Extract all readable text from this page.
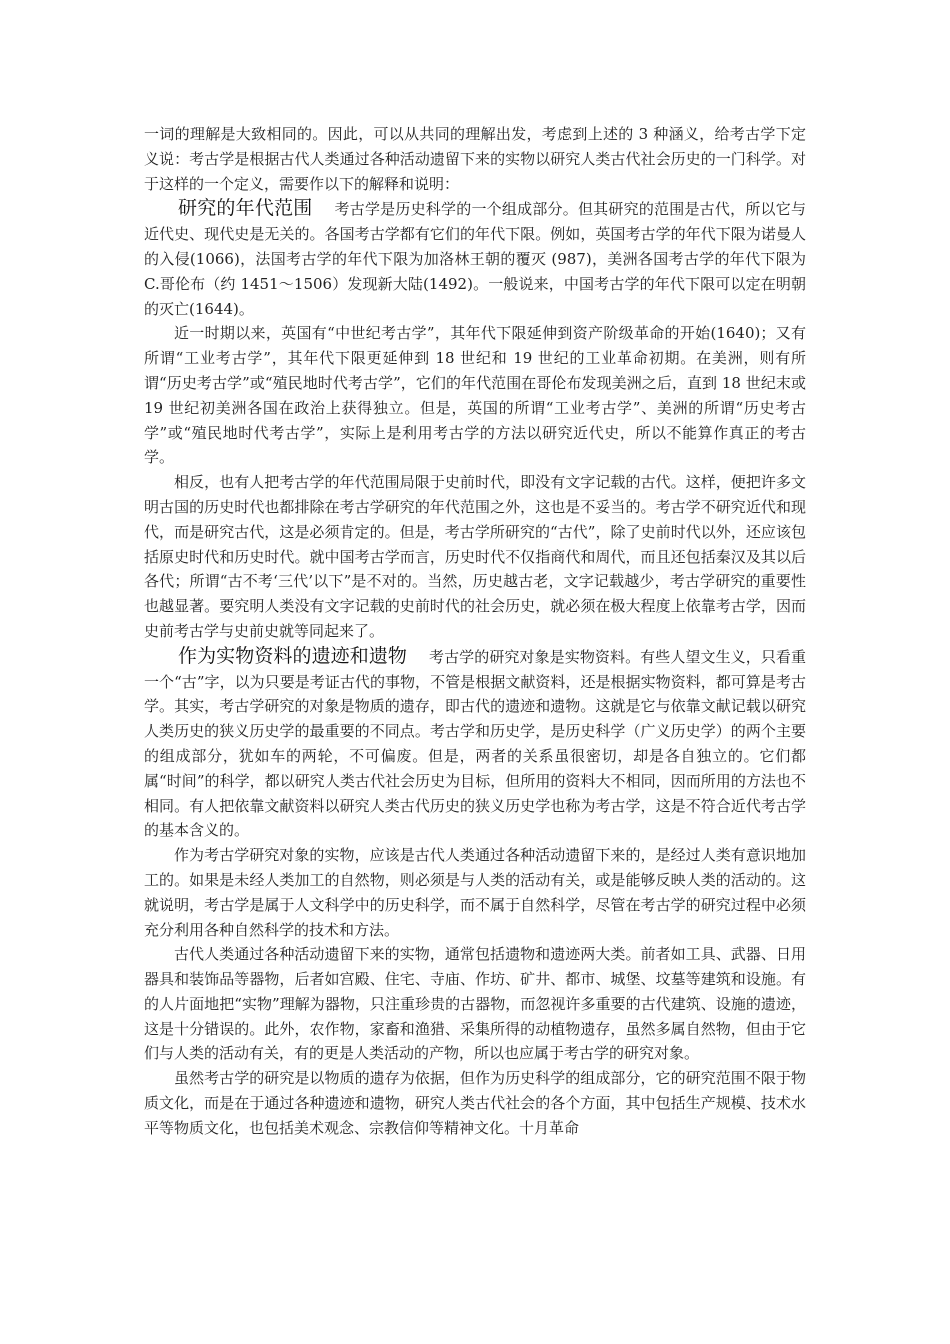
一词的理解是大致相同的。因此，可以从共同的理解出发，考虑到上述的 3 种涵义，给考古学下定义说：考古学是根据古代人类通过各种活动遗留下来的实物以研究人类古代社会历史的一门科学。对于这样的一个定义，需要作以下的解释和说明：

研究的年代范围 考古学是历史科学的一个组成部分。但其研究的范围是古代，所以它与近代史、现代史是无关的。各国考古学都有它们的年代下限。例如，英国考古学的年代下限为诺曼人的入侵(1066)，法国考古学的年代下限为加洛林王朝的覆灭 (987)，美洲各国考古学的年代下限为 C.哥伦布（约 1451～1506）发现新大陆(1492)。一般说来，中国考古学的年代下限可以定在明朝的灭亡(1644)。

近一时期以来，英国有“中世纪考古学”，其年代下限延伸到资产阶级革命的开始(1640)；又有所谓“工业考古学”，其年代下限更延伸到 18 世纪和 19 世纪的工业革命初期。在美洲，则有所谓“历史考古学”或“殖民地时代考古学”，它们的年代范围在哥伦布发现美洲之后，直到 18 世纪末或 19 世纪初美洲各国在政治上获得独立。但是，英国的所谓“工业考古学”、美洲的所谓“历史考古学”或“殖民地时代考古学”，实际上是利用考古学的方法以研究近代史，所以不能算作真正的考古学。

相反，也有人把考古学的年代范围局限于史前时代，即没有文字记载的古代。这样，便把许多文明古国的历史时代也都排除在考古学研究的年代范围之外，这也是不妥当的。考古学不研究近代和现代，而是研究古代，这是必须肯定的。但是，考古学所研究的“古代”，除了史前时代以外，还应该包括原史时代和历史时代。就中国考古学而言，历史时代不仅指商代和周代，而且还包括秦汉及其以后各代；所谓“古不考‘三代’以下”是不对的。当然，历史越古老，文字记载越少，考古学研究的重要性也越显著。要究明人类没有文字记载的史前时代的社会历史，就必须在极大程度上依靠考古学，因而史前考古学与史前史就等同起来了。

作为实物资料的遗迹和遗物 考古学的研究对象是实物资料。有些人望文生义，只看重一个“古”字，以为只要是考证古代的事物，不管是根据文献资料，还是根据实物资料，都可算是考古学。其实，考古学研究的对象是物质的遗存，即古代的遗迹和遗物。这就是它与依靠文献记载以研究人类历史的狭义历史学的最重要的不同点。考古学和历史学，是历史科学（广义历史学）的两个主要的组成部分，犹如车的两轮，不可偏废。但是，两者的关系虽很密切，却是各自独立的。它们都属“时间”的科学，都以研究人类古代社会历史为目标，但所用的资料大不相同，因而所用的方法也不相同。有人把依靠文献资料以研究人类古代历史的狭义历史学也称为考古学，这是不符合近代考古学的基本含义的。

作为考古学研究对象的实物，应该是古代人类通过各种活动遗留下来的，是经过人类有意识地加工的。如果是未经人类加工的自然物，则必须是与人类的活动有关，或是能够反映人类的活动的。这就说明，考古学是属于人文科学中的历史科学，而不属于自然科学，尽管在考古学的研究过程中必须充分利用各种自然科学的技术和方法。

古代人类通过各种活动遗留下来的实物，通常包括遗物和遗迹两大类。前者如工具、武器、日用器具和装饰品等器物，后者如宫殿、住宅、寺庙、作坊、矿井、都市、城堡、坟墓等建筑和设施。有的人片面地把“实物”理解为器物，只注重珍贵的古器物，而忽视许多重要的古代建筑、设施的遗迹，这是十分错误的。此外，农作物，家畜和渔猎、采集所得的动植物遗存，虽然多属自然物，但由于它们与人类的活动有关，有的更是人类活动的产物，所以也应属于考古学的研究对象。

虽然考古学的研究是以物质的遗存为依据，但作为历史科学的组成部分，它的研究范围不限于物质文化，而是在于通过各种遗迹和遗物，研究人类古代社会的各个方面，其中包括生产规模、技术水平等物质文化，也包括美术观念、宗教信仰等精神文化。十月革命
